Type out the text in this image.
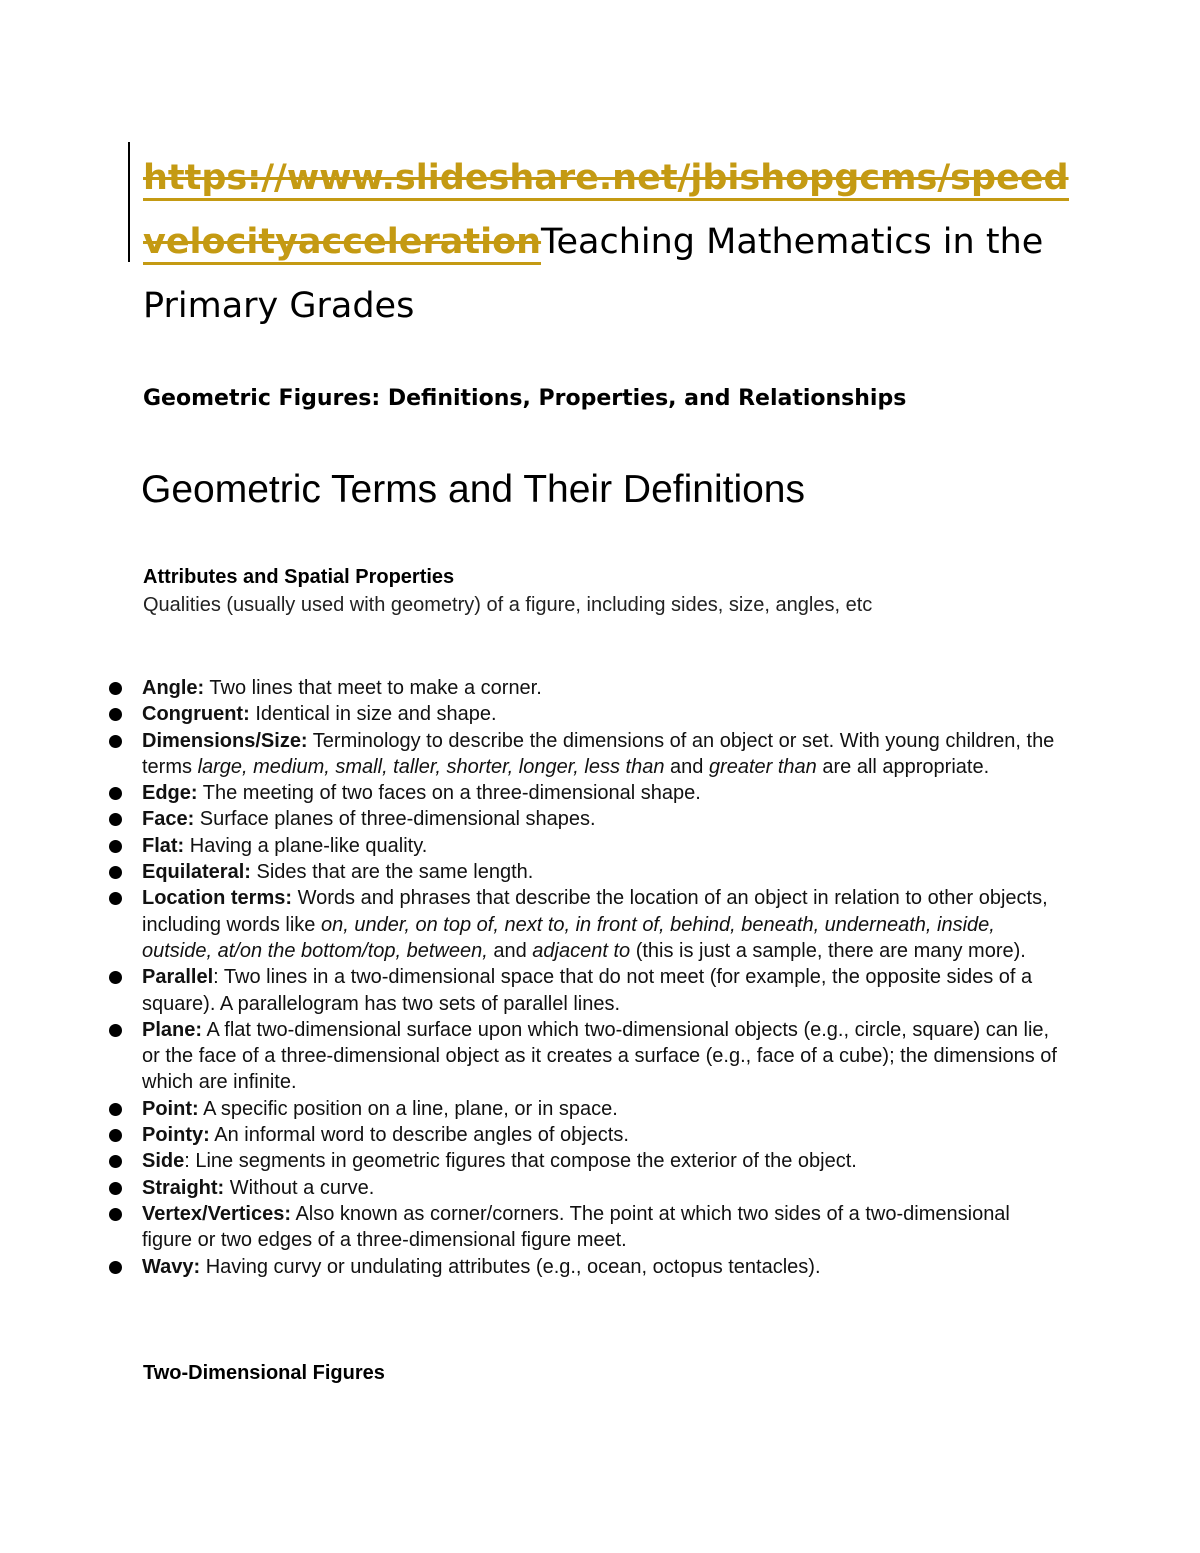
https://www.slideshare.net/jbishopgcms/speed
velocityaccelerationTeaching Mathematics in the Primary Grades
Geometric Figures: Definitions, Properties, and Relationships
Geometric Terms and Their Definitions
Attributes and Spatial Properties
Qualities (usually used with geometry) of a figure, including sides, size, angles, etc
Angle: Two lines that meet to make a corner.
Congruent: Identical in size and shape.
Dimensions/Size: Terminology to describe the dimensions of an object or set. With young children, the terms large, medium, small, taller, shorter, longer, less than and greater than are all appropriate.
Edge: The meeting of two faces on a three-dimensional shape.
Face: Surface planes of three-dimensional shapes.
Flat: Having a plane-like quality.
Equilateral: Sides that are the same length.
Location terms: Words and phrases that describe the location of an object in relation to other objects, including words like on, under, on top of, next to, in front of, behind, beneath, underneath, inside, outside, at/on the bottom/top, between, and adjacent to (this is just a sample, there are many more).
Parallel: Two lines in a two-dimensional space that do not meet (for example, the opposite sides of a square). A parallelogram has two sets of parallel lines.
Plane: A flat two-dimensional surface upon which two-dimensional objects (e.g., circle, square) can lie, or the face of a three-dimensional object as it creates a surface (e.g., face of a cube); the dimensions of which are infinite.
Point: A specific position on a line, plane, or in space.
Pointy: An informal word to describe angles of objects.
Side: Line segments in geometric figures that compose the exterior of the object.
Straight: Without a curve.
Vertex/Vertices: Also known as corner/corners. The point at which two sides of a two-dimensional figure or two edges of a three-dimensional figure meet.
Wavy: Having curvy or undulating attributes (e.g., ocean, octopus tentacles).
Two-Dimensional Figures
